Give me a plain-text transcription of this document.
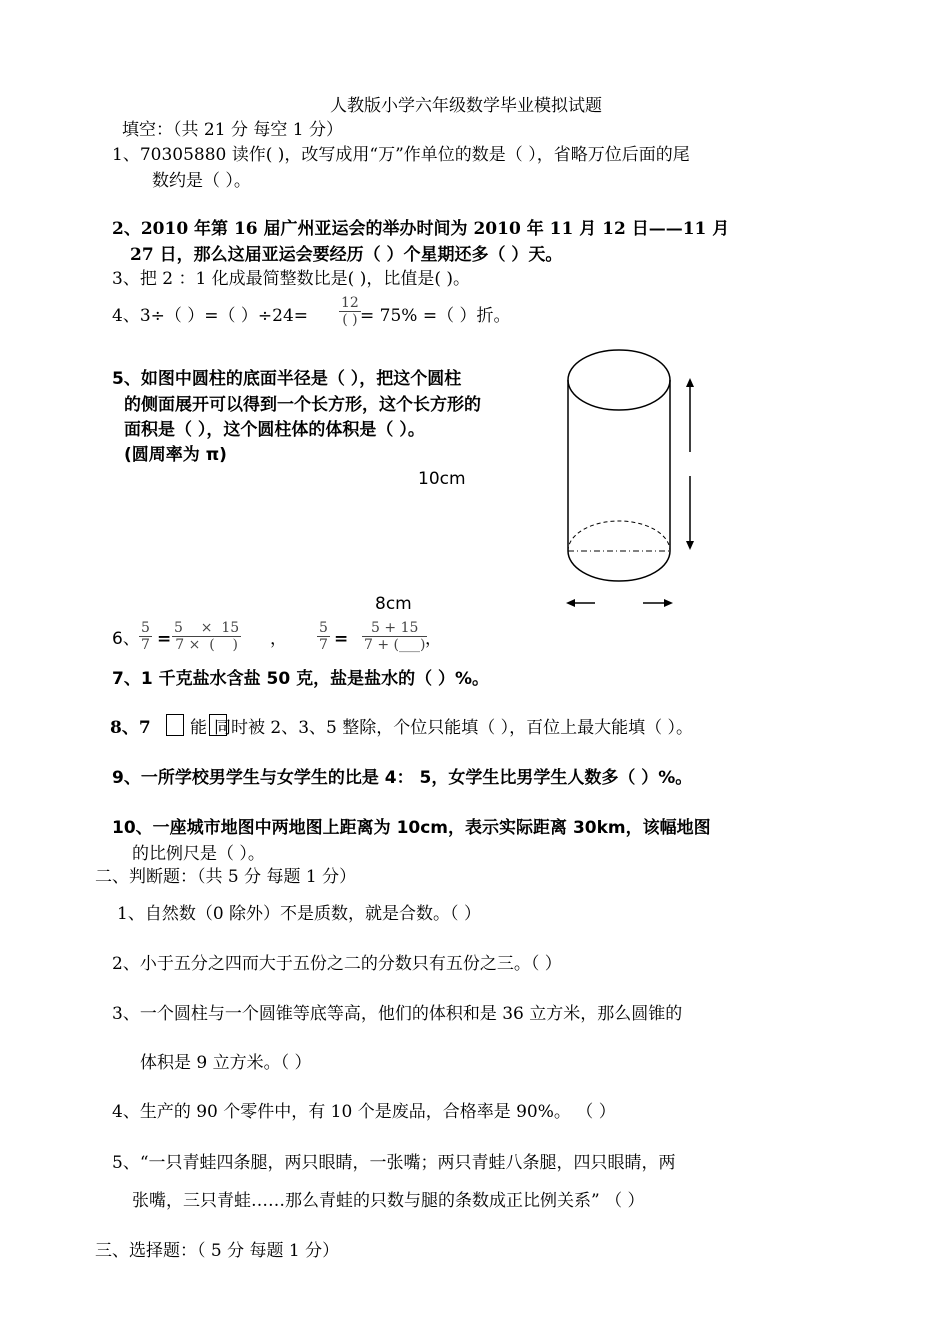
人教版小学六年级数学毕业模拟试题
填空：（共 21 分 每空 1 分）
1、70305880 读作( )，改写成用“万”作单位的数是（ ），省略万位后面的尾
数约是（ ）。
2、2010 年第 16 届广州亚运会的举办时间为 2010 年 11 月 12 日——11 月
27 日，那么这届亚运会要经历（ ）个星期还多（ ）天。
3、把 2 ：1 化成最简整数比是( )，比值是( )。
4、3÷（ ）=（ ）÷24=
12
( ) = 75% =（ ）折。
5、如图中圆柱的底面半径是（ ），把这个圆柱
的侧面展开可以得到一个长方形，这个长方形的
面积是（ ），这个圆柱体的体积是（ ）。
(圆周率为 π)
10cm
8cm
6、 $\frac{5}{7} = \frac{5 \times 15}{7 \times ( )}$ ， $\frac{5}{7} = \frac{5 + 15}{7 + (\_\_\_)}$
，
7、1 千克盐水含盐 50 克，盐是盐水的（ ）%。
8、7 能 同时被 2、3、5 整除，个位只能填（ ），百位上最大能填（ ）。
9、一所学校男学生与女学生的比是 4： 5，女学生比男学生人数多（ ）%。
10、一座城市地图中两地图上距离为 10cm，表示实际距离 30km，该幅地图
的比例尺是（ ）。
二、判断题：（共 5 分 每题 1 分）
1、自然数（0 除外）不是质数，就是合数。（ ）
2、小于五分之四而大于五份之二的分数只有五份之三。（ ）
3、一个圆柱与一个圆锥等底等高，他们的体积和是 36 立方米，那么圆锥的
体积是 9 立方米。（ ）
4、生产的 90 个零件中，有 10 个是废品，合格率是 90%。 （ ）
5、“一只青蛙四条腿，两只眼睛，一张嘴；两只青蛙八条腿，四只眼睛，两
张嘴，三只青蛙……那么青蛙的只数与腿的条数成正比例关系” （ ）
三、选择题：（ 5 分 每题 1 分）
